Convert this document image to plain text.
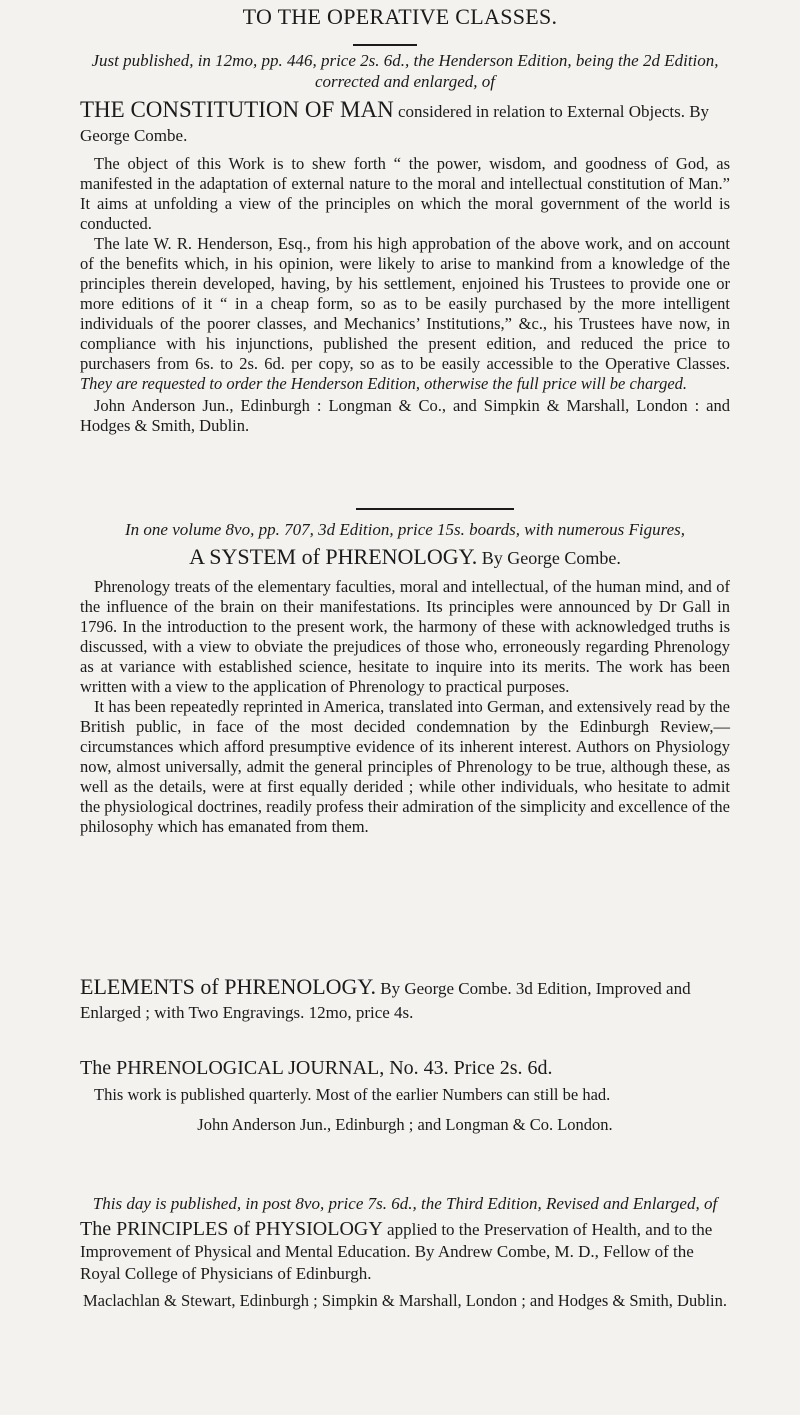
TO THE OPERATIVE CLASSES.

Just published, in 12mo, pp. 446, price 2s. 6d., the Henderson Edition, being the 2d Edition, corrected and enlarged, of

THE CONSTITUTION OF MAN considered in relation to External Objects. By George Combe.

The object of this Work is to shew forth “ the power, wisdom, and goodness of God, as manifested in the adaptation of external nature to the moral and intellectual constitution of Man.” It aims at unfolding a view of the principles on which the moral government of the world is conducted.

The late W. R. Henderson, Esq., from his high approbation of the above work, and on account of the benefits which, in his opinion, were likely to arise to mankind from a knowledge of the principles therein developed, having, by his settlement, enjoined his Trustees to provide one or more editions of it “ in a cheap form, so as to be easily purchased by the more intelligent individuals of the poorer classes, and Mechanics’ Institutions,” &c., his Trustees have now, in compliance with his injunctions, published the present edition, and reduced the price to purchasers from 6s. to 2s. 6d. per copy, so as to be easily accessible to the Operative Classes. They are requested to order the Henderson Edition, otherwise the full price will be charged.

John Anderson Jun., Edinburgh : Longman & Co., and Simpkin & Marshall, London : and Hodges & Smith, Dublin.

In one volume 8vo, pp. 707, 3d Edition, price 15s. boards, with numerous Figures,

A SYSTEM of PHRENOLOGY. By George Combe.

Phrenology treats of the elementary faculties, moral and intellectual, of the human mind, and of the influence of the brain on their manifestations. Its principles were announced by Dr Gall in 1796. In the introduction to the present work, the harmony of these with acknowledged truths is discussed, with a view to obviate the prejudices of those who, erroneously regarding Phrenology as at variance with established science, hesitate to inquire into its merits. The work has been written with a view to the application of Phrenology to practical purposes.

It has been repeatedly reprinted in America, translated into German, and extensively read by the British public, in face of the most decided condemnation by the Edinburgh Review,—circumstances which afford presumptive evidence of its inherent interest. Authors on Physiology now, almost universally, admit the general principles of Phrenology to be true, although these, as well as the details, were at first equally derided ; while other individuals, who hesitate to admit the physiological doctrines, readily profess their admiration of the simplicity and excellence of the philosophy which has emanated from them.

ELEMENTS of PHRENOLOGY. By George Combe. 3d Edition, Improved and Enlarged ; with Two Engravings. 12mo, price 4s.

The PHRENOLOGICAL JOURNAL, No. 43. Price 2s. 6d.

This work is published quarterly. Most of the earlier Numbers can still be had.

John Anderson Jun., Edinburgh ; and Longman & Co. London.

This day is published, in post 8vo, price 7s. 6d., the Third Edition, Revised and Enlarged, of

The PRINCIPLES of PHYSIOLOGY applied to the Preservation of Health, and to the Improvement of Physical and Mental Education. By Andrew Combe, M. D., Fellow of the Royal College of Physicians of Edinburgh.

Maclachlan & Stewart, Edinburgh ; Simpkin & Marshall, London ; and Hodges & Smith, Dublin.
